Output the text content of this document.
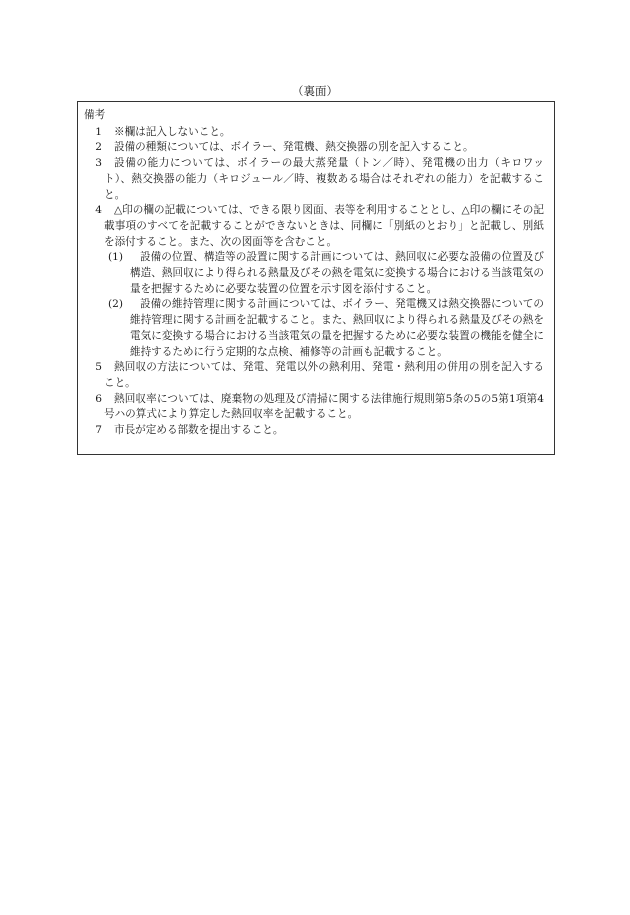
（裏面）
備考
1	※欄は記入しないこと。
2	設備の種類については、ボイラー、発電機、熱交換器の別を記入すること。
3	設備の能力については、ボイラーの最大蒸発量（トン／時）、発電機の出力（キロワット）、熱交換器の能力（キロジュール／時、複数ある場合はそれぞれの能力）を記載すること。
4	△印の欄の記載については、できる限り図面、表等を利用することとし、△印の欄にその記載事項のすべてを記載することができないときは、同欄に「別紙のとおり」と記載し、別紙を添付すること。また、次の図面等を含むこと。
(1)	設備の位置、構造等の設置に関する計画については、熱回収に必要な設備の位置及び構造、熱回収により得られる熱量及びその熱を電気に変換する場合における当該電気の量を把握するために必要な装置の位置を示す図を添付すること。
(2)	設備の維持管理に関する計画については、ボイラー、発電機又は熱交換器についての維持管理に関する計画を記載すること。また、熱回収により得られる熱量及びその熱を電気に変換する場合における当該電気の量を把握するために必要な装置の機能を健全に維持するために行う定期的な点検、補修等の計画も記載すること。
5	熱回収の方法については、発電、発電以外の熱利用、発電・熱利用の併用の別を記入すること。
6	熱回収率については、廃棄物の処理及び清掃に関する法律施行規則第5条の5の5第1項第4号ハの算式により算定した熱回収率を記載すること。
7	市長が定める部数を提出すること。
